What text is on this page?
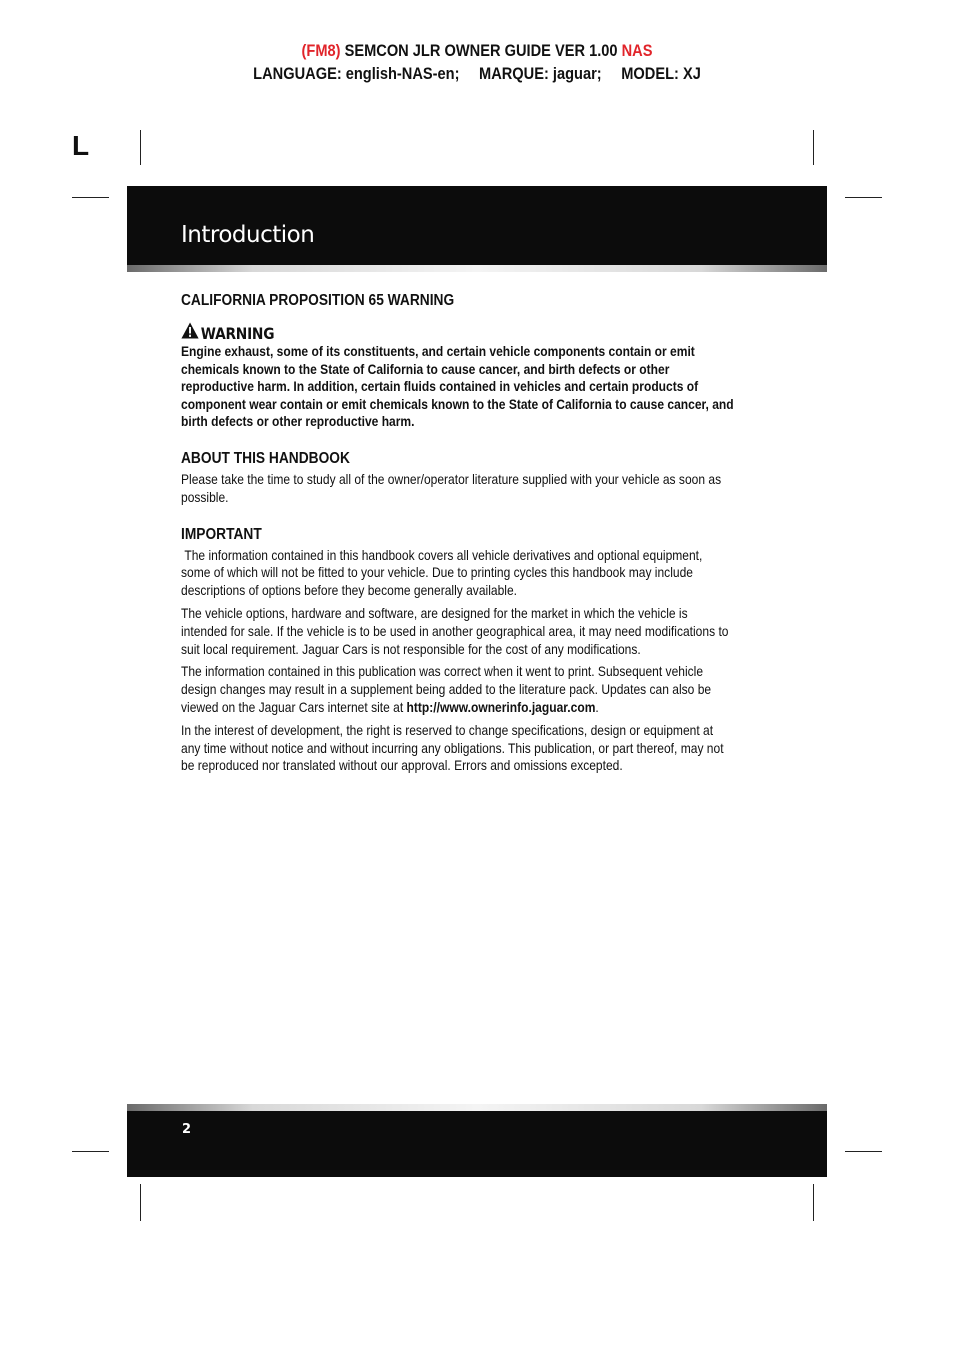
(FM8) SEMCON JLR OWNER GUIDE VER 1.00 NAS
LANGUAGE: english-NAS-en; MARQUE: jaguar; MODEL: XJ
L
Introduction
CALIFORNIA PROPOSITION 65 WARNING
WARNING

Engine exhaust, some of its constituents, and certain vehicle components contain or emit chemicals known to the State of California to cause cancer, and birth defects or other reproductive harm. In addition, certain fluids contained in vehicles and certain products of component wear contain or emit chemicals known to the State of California to cause cancer, and birth defects or other reproductive harm.

ABOUT THIS HANDBOOK

Please take the time to study all of the owner/operator literature supplied with your vehicle as soon as possible.

IMPORTANT

The information contained in this handbook covers all vehicle derivatives and optional equipment, some of which will not be fitted to your vehicle. Due to printing cycles this handbook may include descriptions of options before they become generally available.

The vehicle options, hardware and software, are designed for the market in which the vehicle is intended for sale. If the vehicle is to be used in another geographical area, it may need modifications to suit local requirement. Jaguar Cars is not responsible for the cost of any modifications.

The information contained in this publication was correct when it went to print. Subsequent vehicle design changes may result in a supplement being added to the literature pack. Updates can also be viewed on the Jaguar Cars internet site at http://www.ownerinfo.jaguar.com.

In the interest of development, the right is reserved to change specifications, design or equipment at any time without notice and without incurring any obligations. This publication, or part thereof, may not be reproduced nor translated without our approval. Errors and omissions excepted.

2
